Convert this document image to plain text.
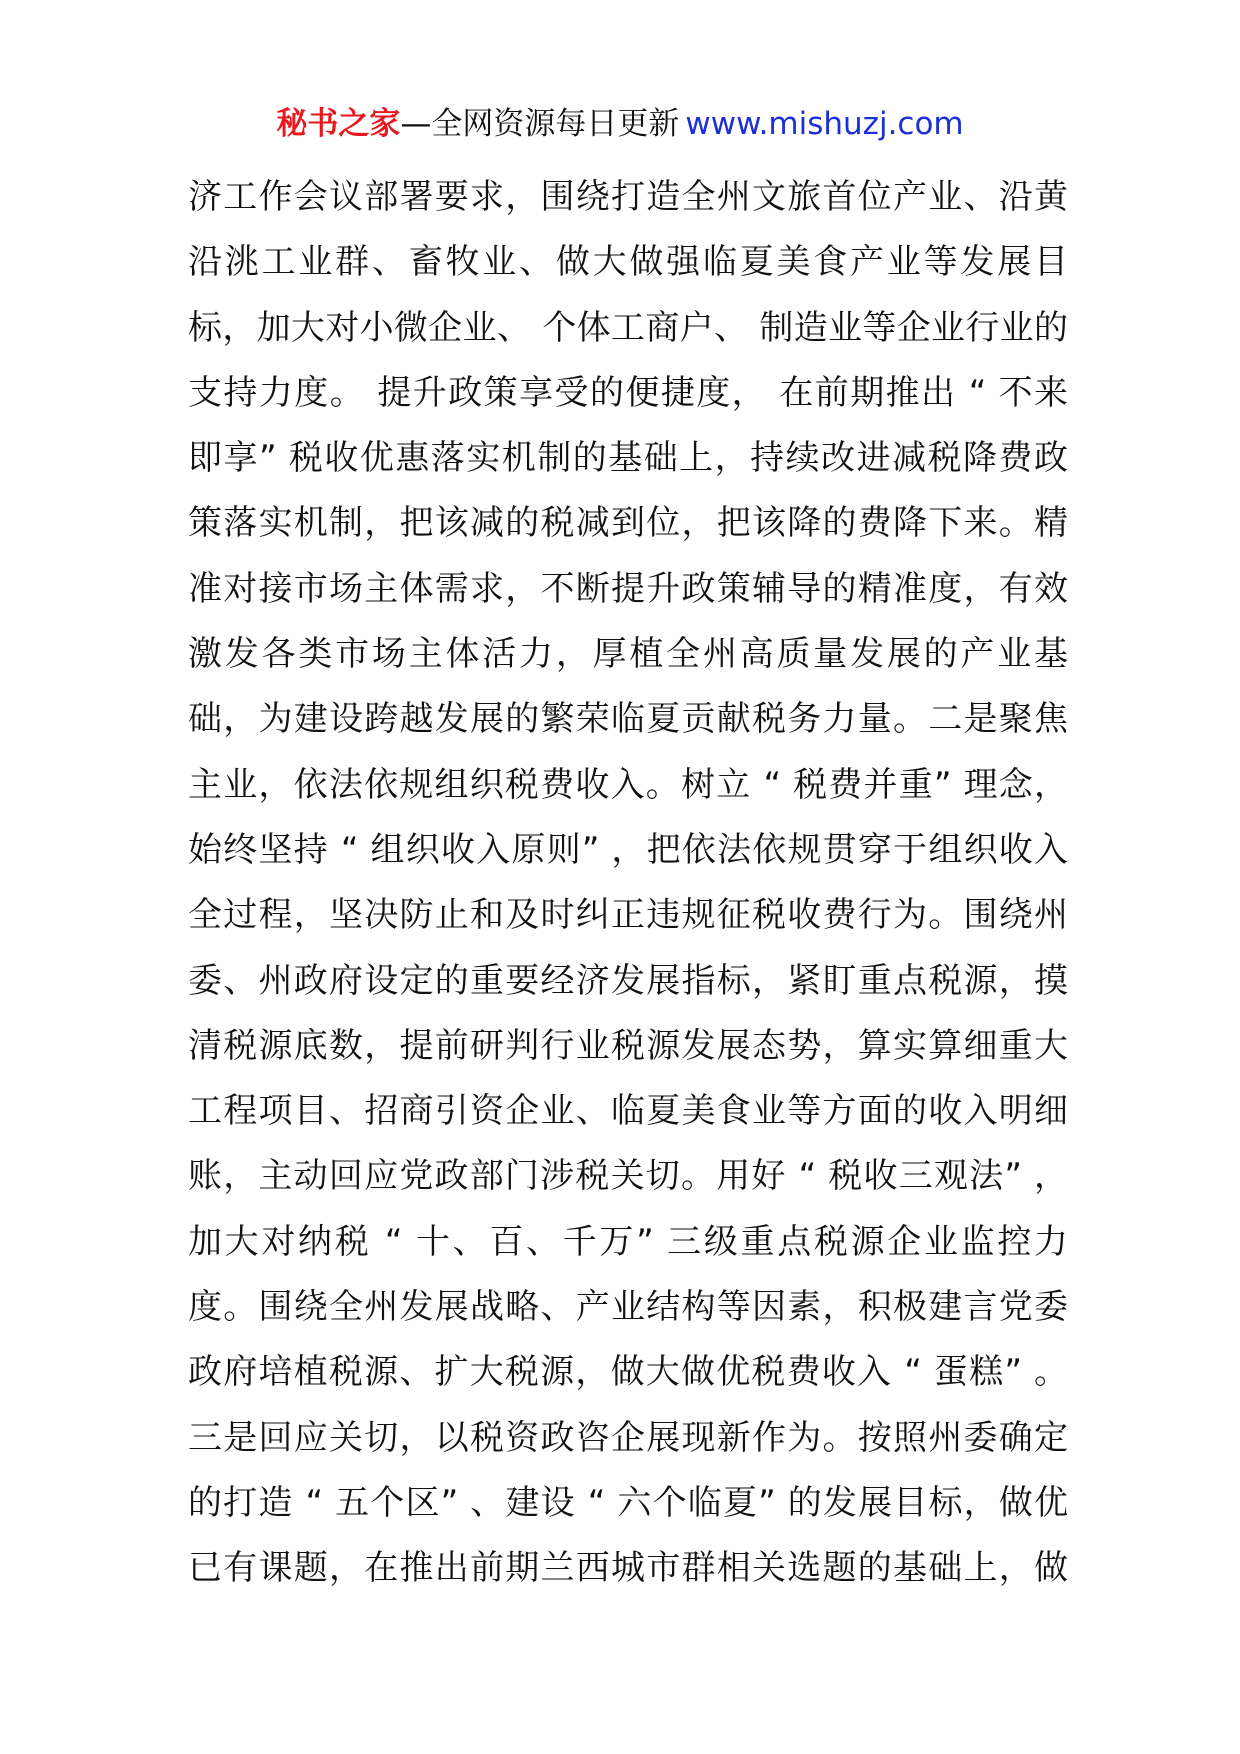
秘书之家—全网资源每日更新 www.mishuzj.com
济工作会议部署要求，围绕打造全州文旅首位产业、沿黄
沿洮工业群、畜牧业、做大做强临夏美食产业等发展目
标，加大对小微企业、 个体工商户、 制造业等企业行业的
支持力度。 提升政策享受的便捷度， 在前期推出 “ 不来
即享” 税收优惠落实机制的基础上，持续改进减税降费政
策落实机制，把该减的税减到位，把该降的费降下来。精
准对接市场主体需求，不断提升政策辅导的精准度，有效
激发各类市场主体活力，厚植全州高质量发展的产业基
础，为建设跨越发展的繁荣临夏贡献税务力量。二是聚焦
主业，依法依规组织税费收入。树立 “ 税费并重” 理念，
始终坚持 “ 组织收入原则” ，把依法依规贯穿于组织收入
全过程，坚决防止和及时纠正违规征税收费行为。围绕州
委、州政府设定的重要经济发展指标，紧盯重点税源，摸
清税源底数，提前研判行业税源发展态势，算实算细重大
工程项目、招商引资企业、临夏美食业等方面的收入明细
账，主动回应党政部门涉税关切。用好 “ 税收三观法” ，
加大对纳税 “ 十、百、千万” 三级重点税源企业监控力
度。围绕全州发展战略、产业结构等因素，积极建言党委
政府培植税源、扩大税源，做大做优税费收入 “ 蛋糕” 。
三是回应关切，以税资政咨企展现新作为。按照州委确定
的打造 “ 五个区” 、建设 “ 六个临夏” 的发展目标，做优
已有课题，在推出前期兰西城市群相关选题的基础上，做
